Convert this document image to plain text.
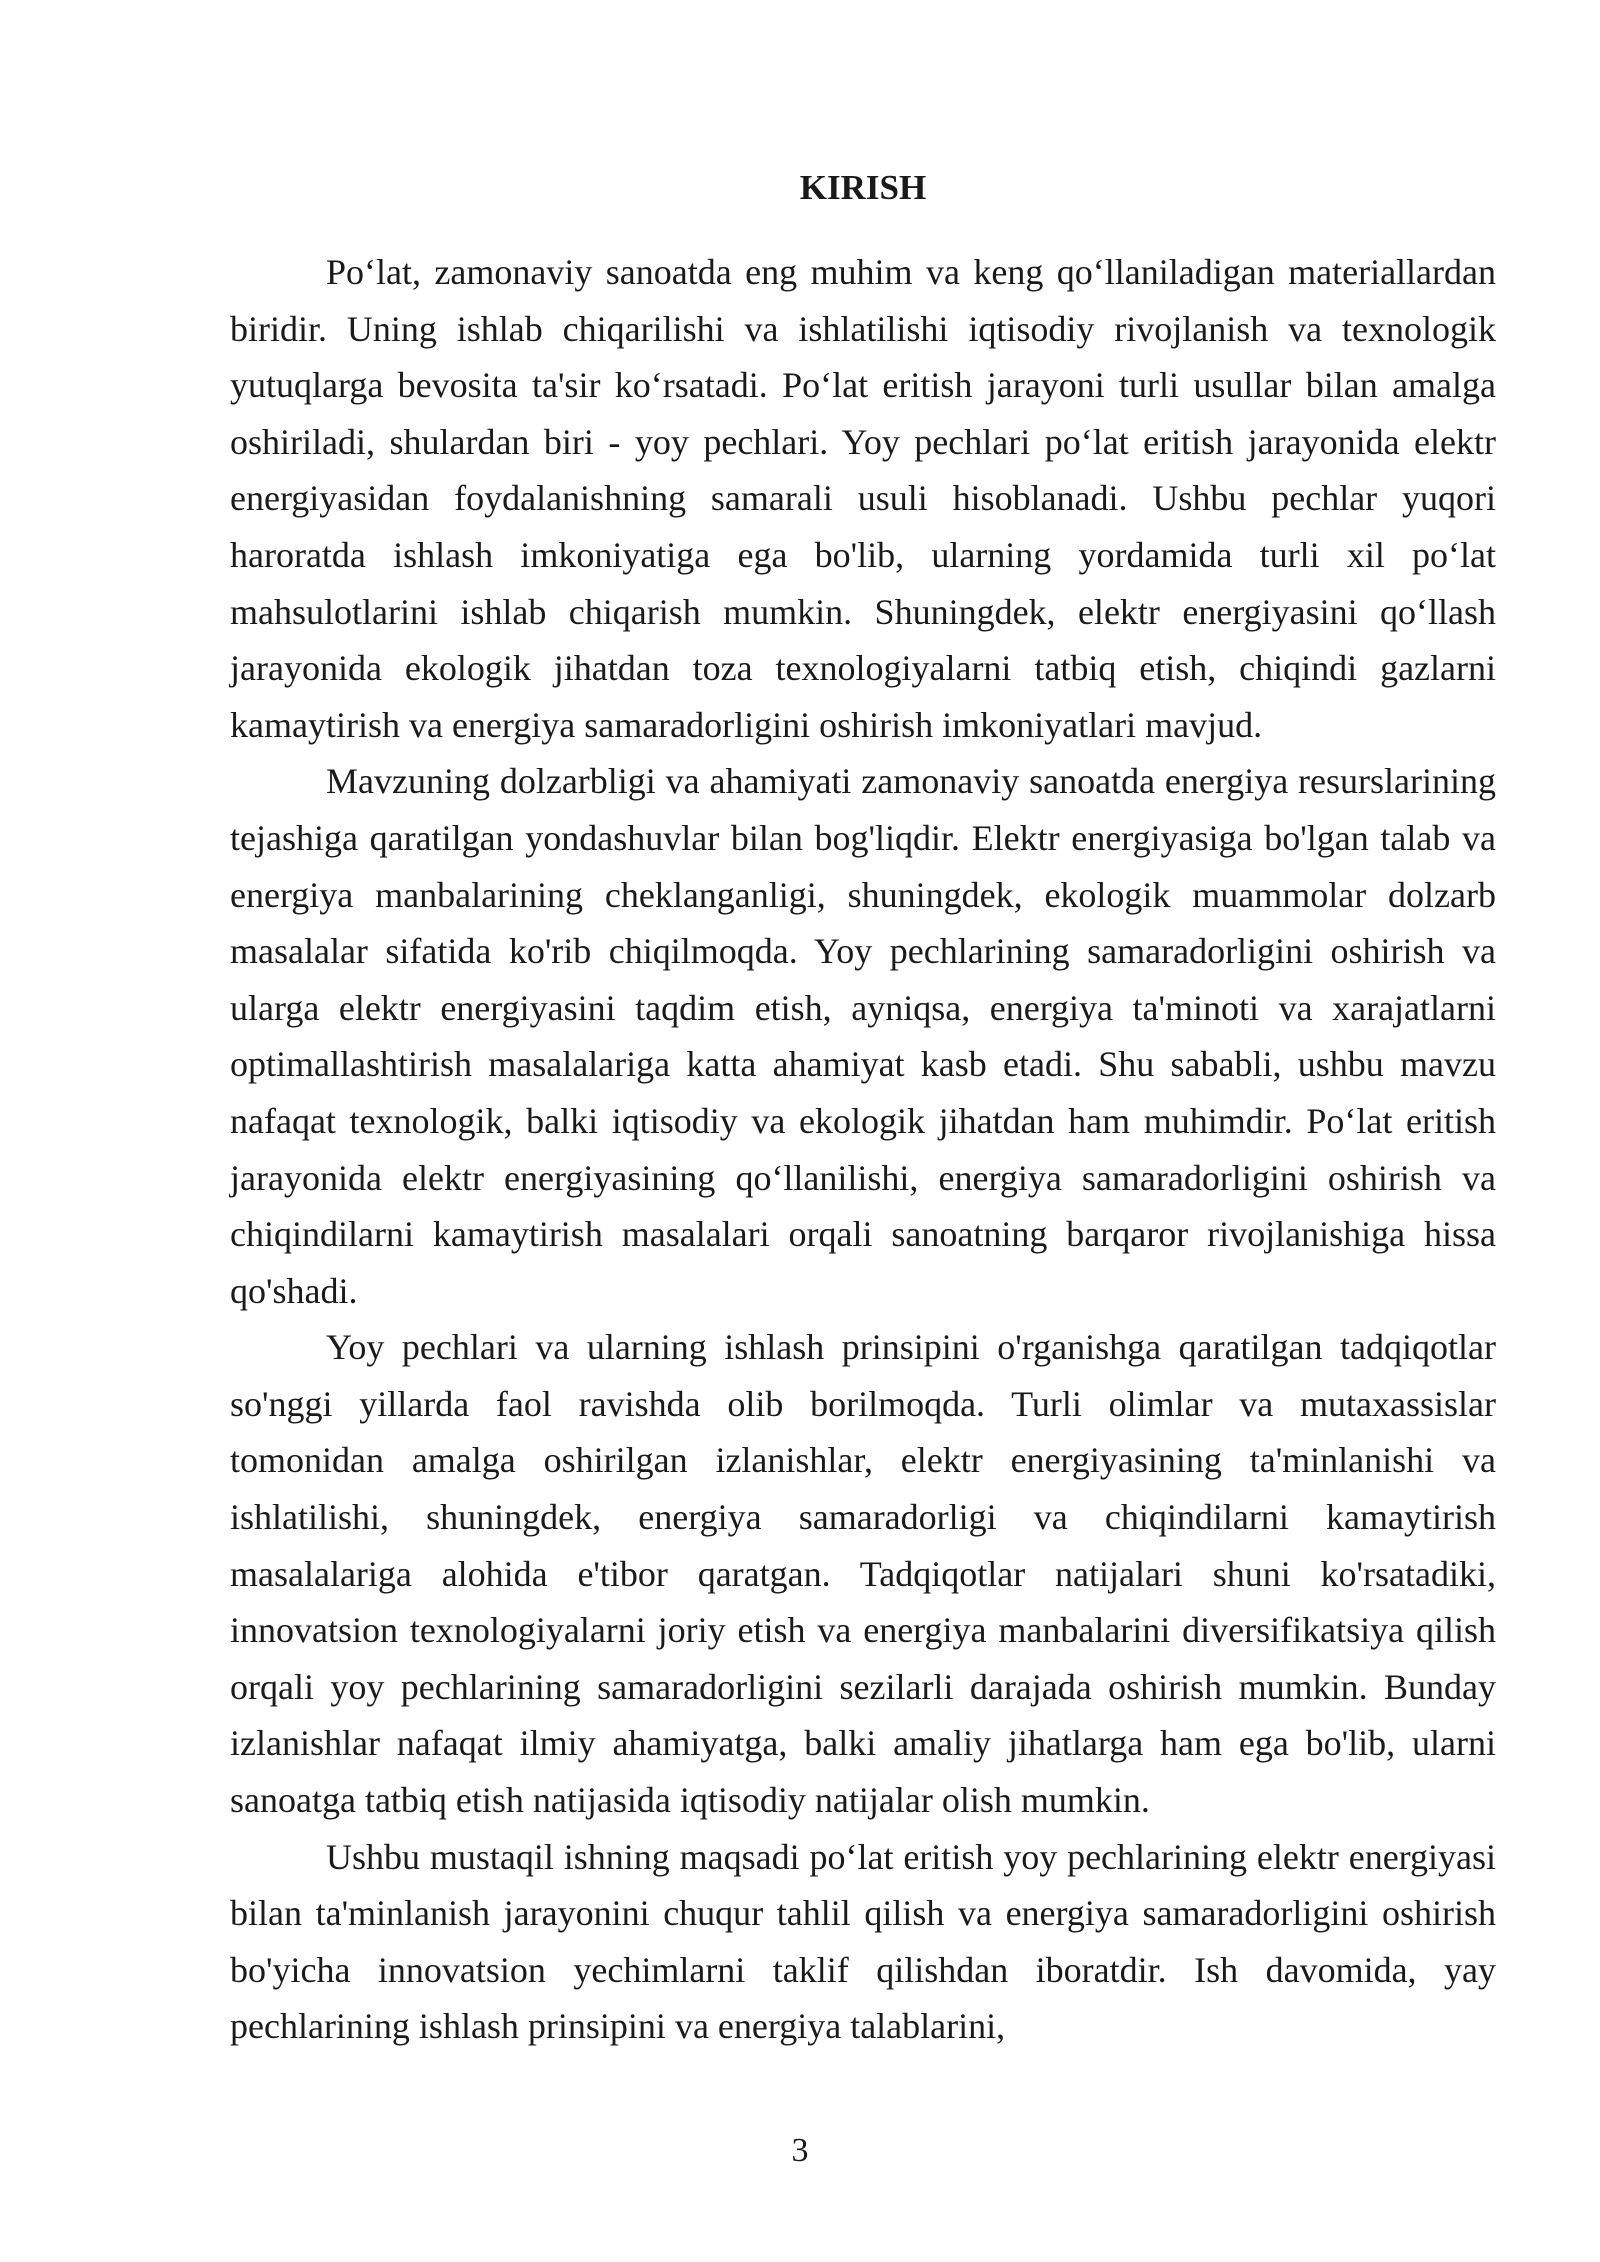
KIRISH

Po‘lat, zamonaviy sanoatda eng muhim va keng qo‘llaniladigan materiallardan biridir. Uning ishlab chiqarilishi va ishlatilishi iqtisodiy rivojlanish va texnologik yutuqlarga bevosita ta'sir ko‘rsatadi. Po‘lat eritish jarayoni turli usullar bilan amalga oshiriladi, shulardan biri - yoy pechlari. Yoy pechlari po‘lat eritish jarayonida elektr energiyasidan foydalanishning samarali usuli hisoblanadi. Ushbu pechlar yuqori haroratda ishlash imkoniyatiga ega bo'lib, ularning yordamida turli xil po‘lat mahsulotlarini ishlab chiqarish mumkin. Shuningdek, elektr energiyasini qo‘llash jarayonida ekologik jihatdan toza texnologiyalarni tatbiq etish, chiqindi gazlarni kamaytirish va energiya samaradorligini oshirish imkoniyatlari mavjud.

Mavzuning dolzarbligi va ahamiyati zamonaviy sanoatda energiya resurslarining tejashiga qaratilgan yondashuvlar bilan bog'liqdir. Elektr energiyasiga bo'lgan talab va energiya manbalarining cheklanganligi, shuningdek, ekologik muammolar dolzarb masalalar sifatida ko'rib chiqilmoqda. Yoy pechlarining samaradorligini oshirish va ularga elektr energiyasini taqdim etish, ayniqsa, energiya ta'minoti va xarajatlarni optimallashtirish masalalariga katta ahamiyat kasb etadi. Shu sababli, ushbu mavzu nafaqat texnologik, balki iqtisodiy va ekologik jihatdan ham muhimdir. Po‘lat eritish jarayonida elektr energiyasining qo‘llanilishi, energiya samaradorligini oshirish va chiqindilarni kamaytirish masalalari orqali sanoatning barqaror rivojlanishiga hissa qo'shadi.

Yoy pechlari va ularning ishlash prinsipini o'rganishga qaratilgan tadqiqotlar so'nggi yillarda faol ravishda olib borilmoqda. Turli olimlar va mutaxassislar tomonidan amalga oshirilgan izlanishlar, elektr energiyasining ta'minlanishi va ishlatilishi, shuningdek, energiya samaradorligi va chiqindilarni kamaytirish masalalariga alohida e'tibor qaratgan. Tadqiqotlar natijalari shuni ko'rsatadiki, innovatsion texnologiyalarni joriy etish va energiya manbalarini diversifikatsiya qilish orqali yoy pechlarining samaradorligini sezilarli darajada oshirish mumkin. Bunday izlanishlar nafaqat ilmiy ahamiyatga, balki amaliy jihatlarga ham ega bo'lib, ularni sanoatga tatbiq etish natijasida iqtisodiy natijalar olish mumkin.

Ushbu mustaqil ishning maqsadi po‘lat eritish yoy pechlarining elektr energiyasi bilan ta'minlanish jarayonini chuqur tahlil qilish va energiya samaradorligini oshirish bo'yicha innovatsion yechimlarni taklif qilishdan iboratdir. Ish davomida, yay pechlarining ishlash prinsipini va energiya talablarini,

3
